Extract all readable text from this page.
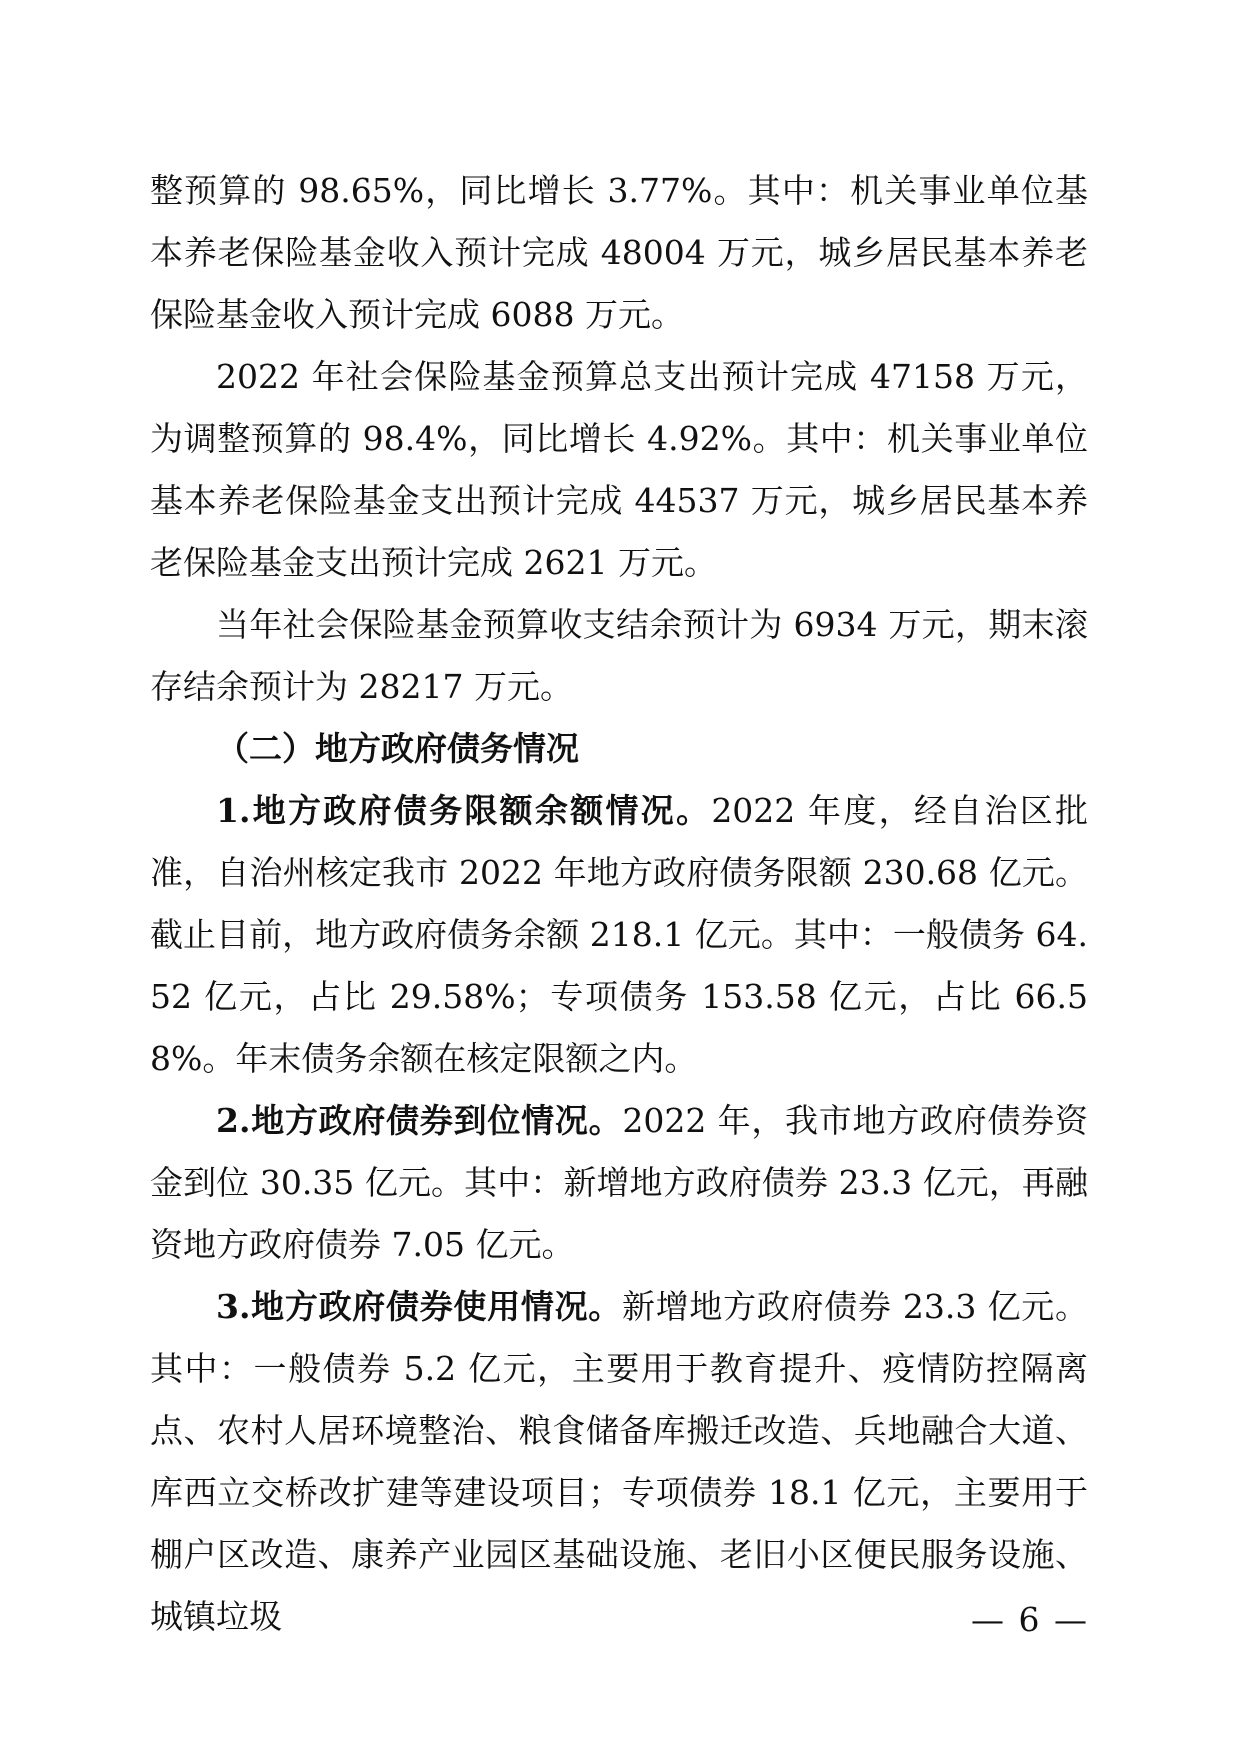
整预算的 98.65%，同比增长 3.77%。其中：机关事业单位基本养老保险基金收入预计完成 48004 万元，城乡居民基本养老保险基金收入预计完成 6088 万元。

2022 年社会保险基金预算总支出预计完成 47158 万元，为调整预算的 98.4%，同比增长 4.92%。其中：机关事业单位基本养老保险基金支出预计完成 44537 万元，城乡居民基本养老保险基金支出预计完成 2621 万元。

当年社会保险基金预算收支结余预计为 6934 万元，期末滚存结余预计为 28217 万元。

（二）地方政府债务情况

1.地方政府债务限额余额情况。2022 年度，经自治区批准，自治州核定我市 2022 年地方政府债务限额 230.68 亿元。截止目前，地方政府债务余额 218.1 亿元。其中：一般债务 64.52 亿元，占比 29.58%；专项债务 153.58 亿元，占比 66.58%。年末债务余额在核定限额之内。

2.地方政府债券到位情况。2022 年，我市地方政府债券资金到位 30.35 亿元。其中：新增地方政府债券 23.3 亿元，再融资地方政府债券 7.05 亿元。

3.地方政府债券使用情况。新增地方政府债券 23.3 亿元。其中：一般债券 5.2 亿元，主要用于教育提升、疫情防控隔离点、农村人居环境整治、粮食储备库搬迁改造、兵地融合大道、库西立交桥改扩建等建设项目；专项债券 18.1 亿元，主要用于棚户区改造、康养产业园区基础设施、老旧小区便民服务设施、城镇垃圾	— 6 —
